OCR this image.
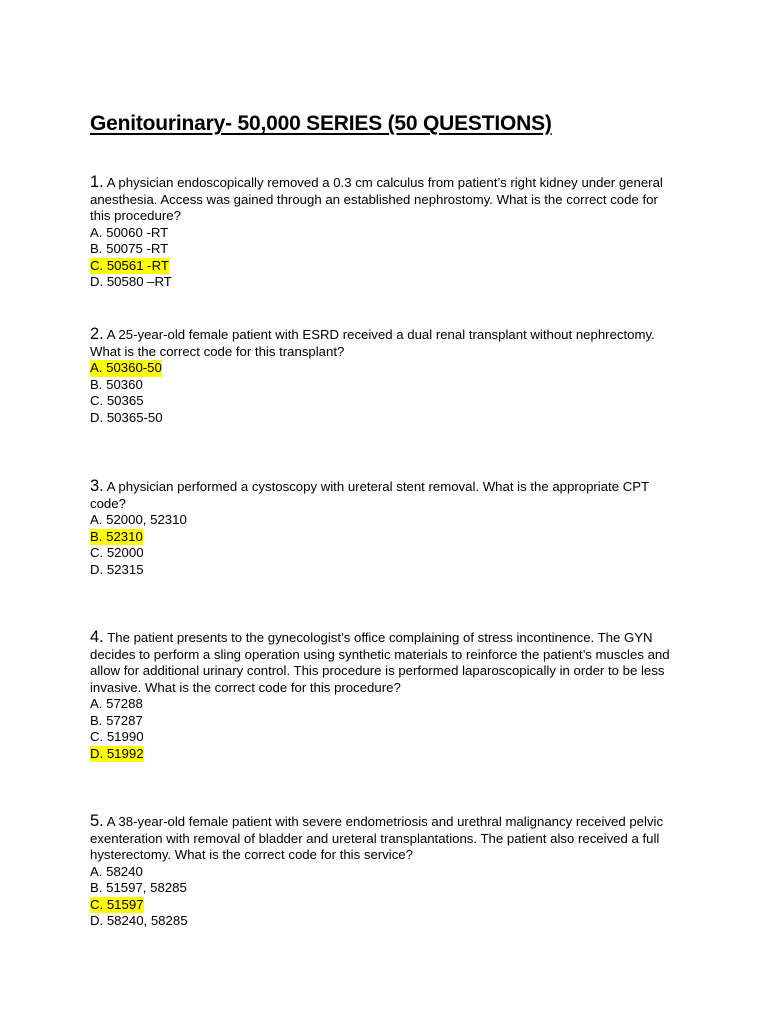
Genitourinary- 50,000 SERIES (50 QUESTIONS)

1. A physician endoscopically removed a 0.3 cm calculus from patient’s right kidney under general anesthesia. Access was gained through an established nephrostomy. What is the correct code for this procedure?

A. 50060 -RT
B. 50075 -RT
C. 50561 -RT
D. 50580 –RT

2. A 25-year-old female patient with ESRD received a dual renal transplant without nephrectomy. What is the correct code for this transplant?

A. 50360-50
B. 50360
C. 50365
D. 50365-50

3. A physician performed a cystoscopy with ureteral stent removal. What is the appropriate CPT code?

A. 52000, 52310
B. 52310
C. 52000
D. 52315

4. The patient presents to the gynecologist’s office complaining of stress incontinence. The GYN decides to perform a sling operation using synthetic materials to reinforce the patient’s muscles and allow for additional urinary control. This procedure is performed laparoscopically in order to be less invasive. What is the correct code for this procedure?

A. 57288
B. 57287
C. 51990
D. 51992

5. A 38-year-old female patient with severe endometriosis and urethral malignancy received pelvic exenteration with removal of bladder and ureteral transplantations. The patient also received a full hysterectomy. What is the correct code for this service?

A. 58240
B. 51597, 58285
C. 51597
D. 58240, 58285
